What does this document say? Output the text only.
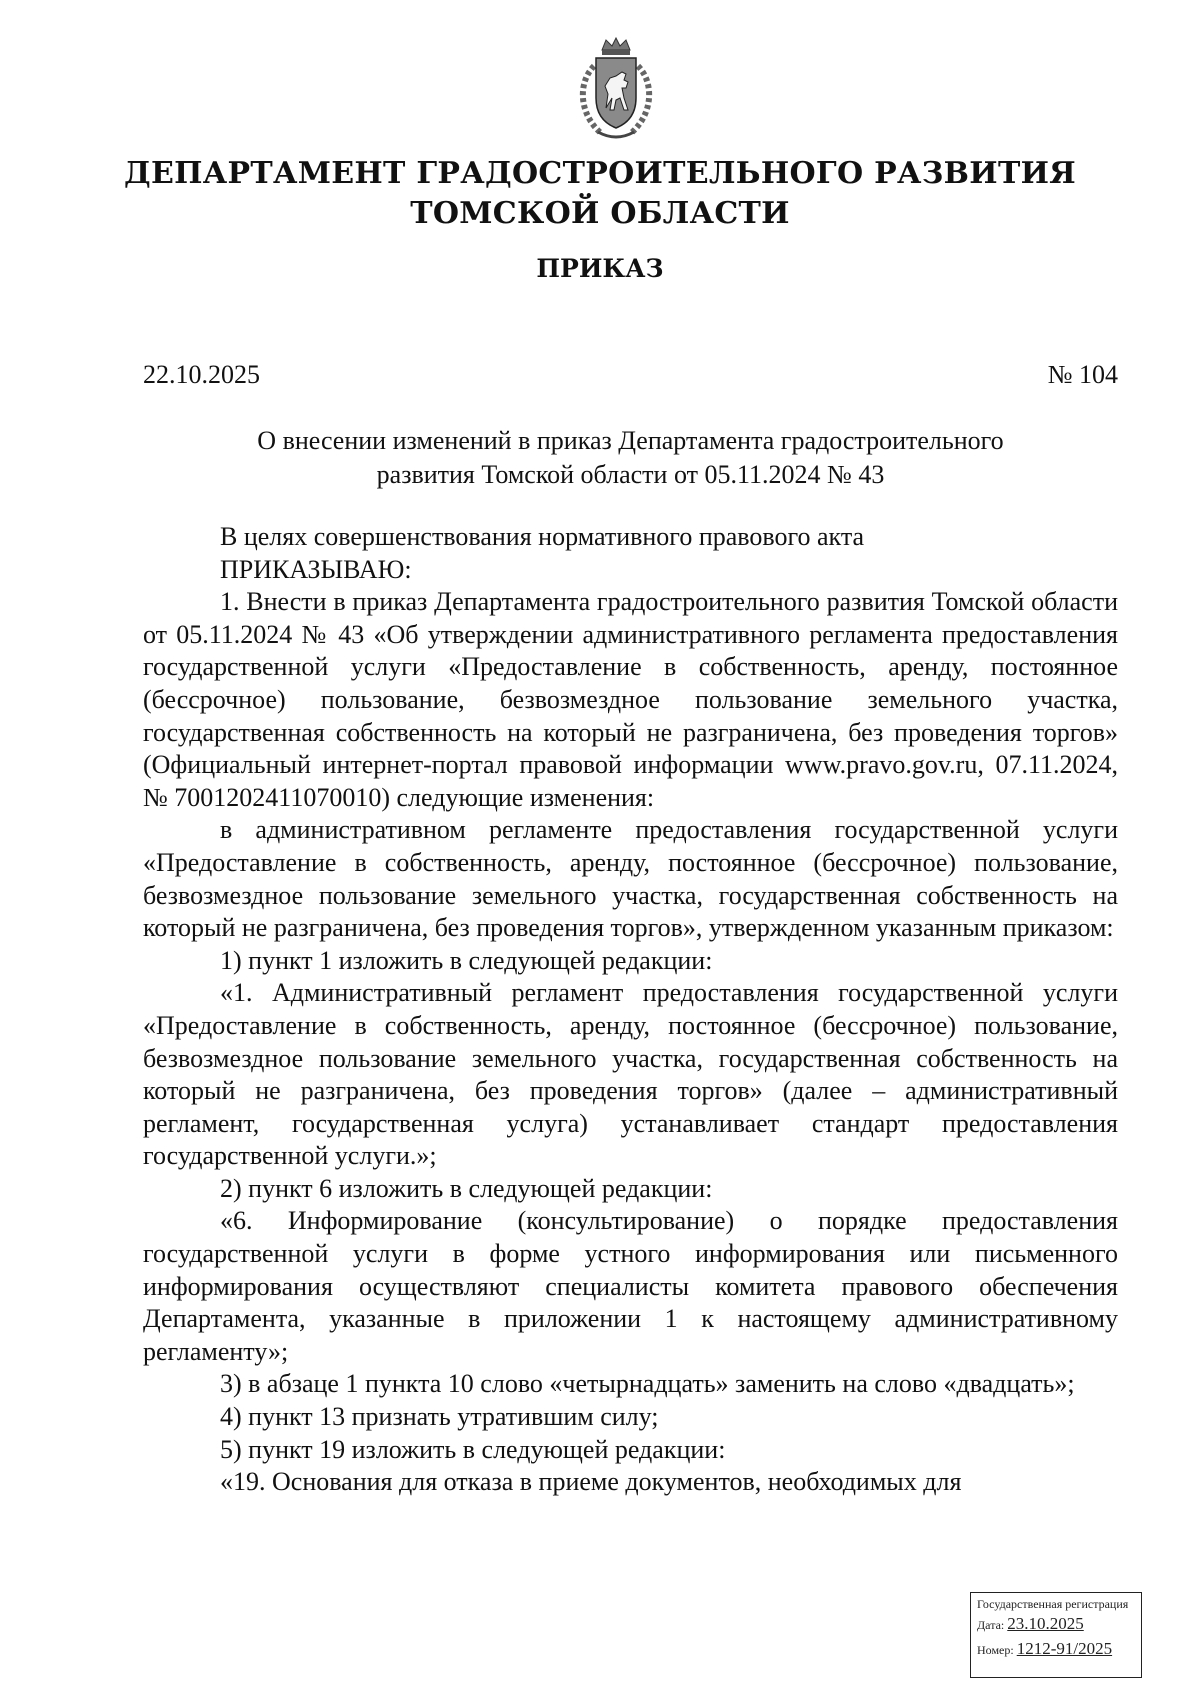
ДЕПАРТАМЕНТ ГРАДОСТРОИТЕЛЬНОГО РАЗВИТИЯ
ТОМСКОЙ ОБЛАСТИ
ПРИКАЗ
22.10.2025	№ 104
О внесении изменений в приказ Департамента градостроительного
развития Томской области от 05.11.2024 № 43

В целях совершенствования нормативного правового акта

ПРИКАЗЫВАЮ:

1. Внести в приказ Департамента градостроительного развития Томской области от 05.11.2024 № 43 «Об утверждении административного регламента предоставления государственной услуги «Предоставление в собственность, аренду, постоянное (бессрочное) пользование, безвозмездное пользование земельного участка, государственная собственность на который не разграничена, без проведения торгов» (Официальный интернет-портал правовой информации www.pravo.gov.ru, 07.11.2024, № 7001202411070010) следующие изменения:

в административном регламенте предоставления государственной услуги «Предоставление в собственность, аренду, постоянное (бессрочное) пользование, безвозмездное пользование земельного участка, государственная собственность на который не разграничена, без проведения торгов», утвержденном указанным приказом:

1) пункт 1 изложить в следующей редакции:

«1. Административный регламент предоставления государственной услуги «Предоставление в собственность, аренду, постоянное (бессрочное) пользование, безвозмездное пользование земельного участка, государственная собственность на который не разграничена, без проведения торгов» (далее – административный регламент, государственная услуга) устанавливает стандарт предоставления государственной услуги.»;

2) пункт 6 изложить в следующей редакции:

«6. Информирование (консультирование) о порядке предоставления государственной услуги в форме устного информирования или письменного информирования осуществляют специалисты комитета правового обеспечения Департамента, указанные в приложении 1 к настоящему административному регламенту»;

3) в абзаце 1 пункта 10 слово «четырнадцать» заменить на слово «двадцать»;

4) пункт 13 признать утратившим силу;

5) пункт 19 изложить в следующей редакции:

«19. Основания для отказа в приеме документов, необходимых для

Государственная регистрация
Дата: 23.10.2025
Номер: 1212-91/2025
